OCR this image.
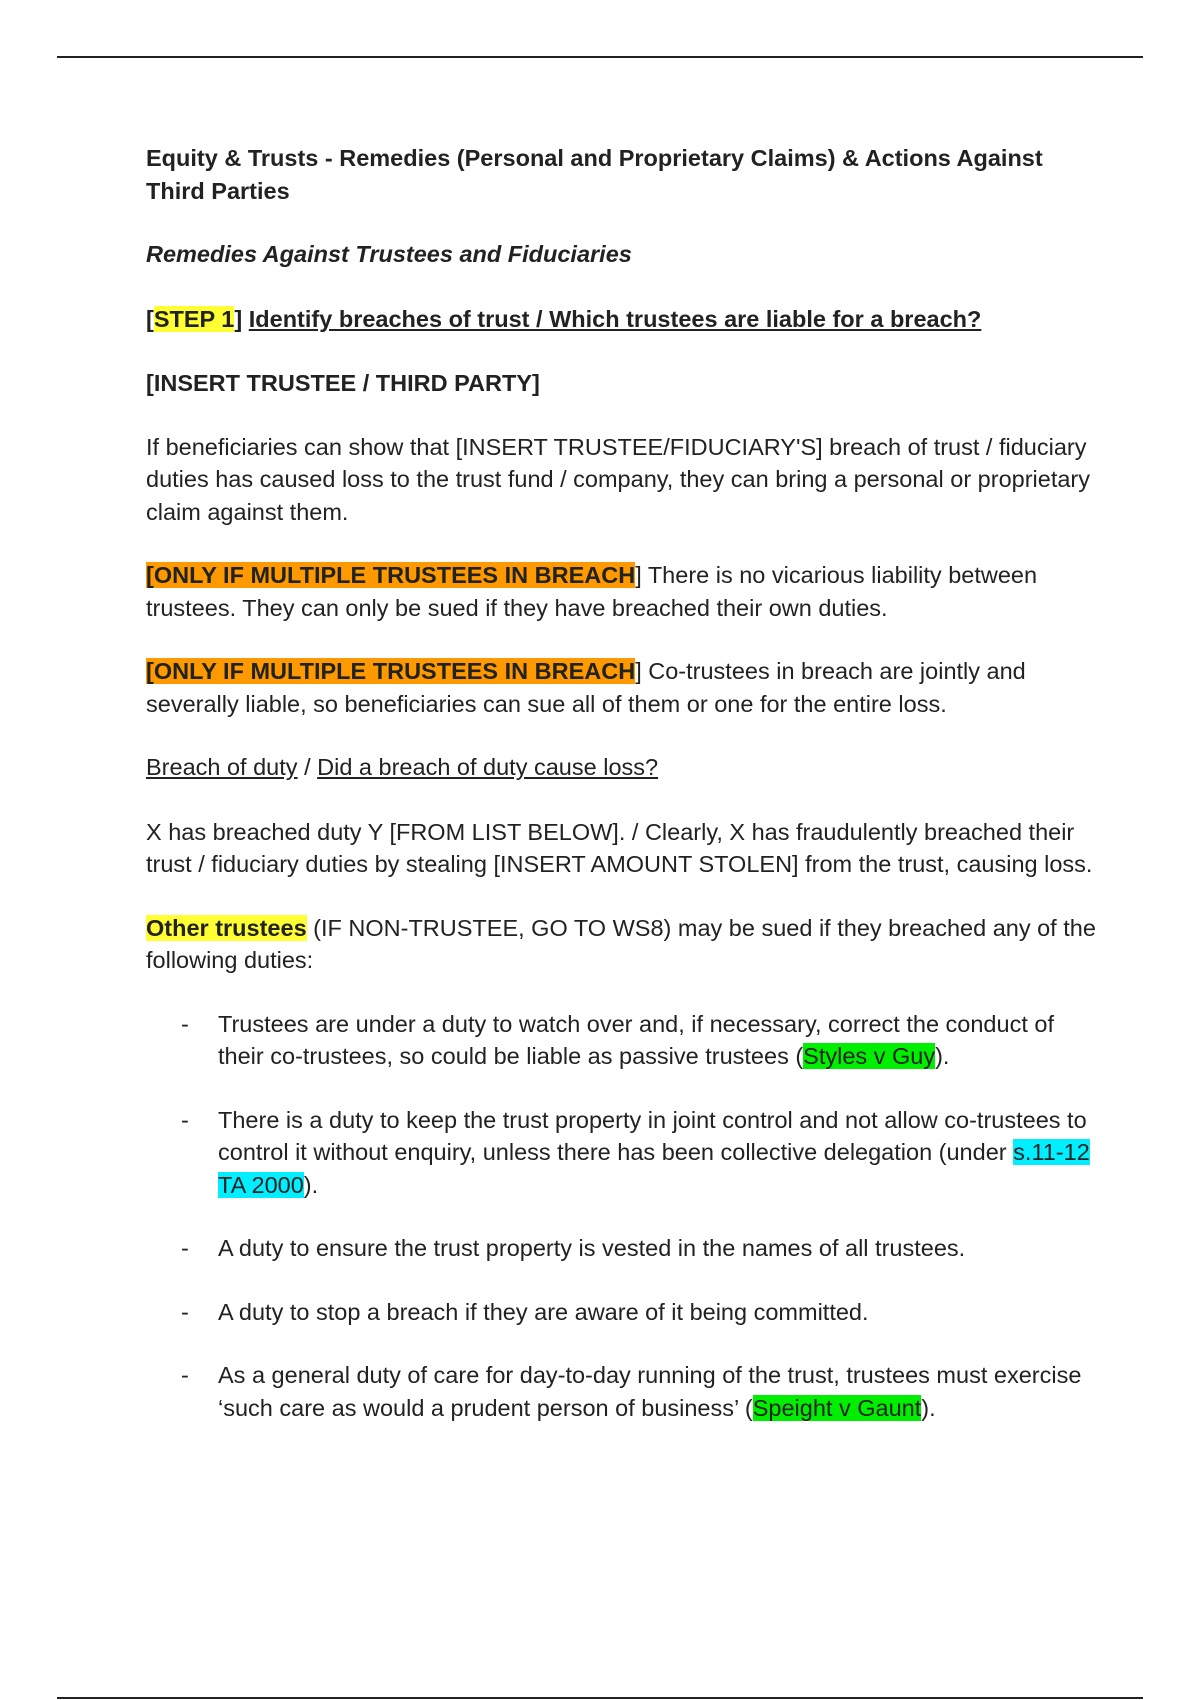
Equity & Trusts - Remedies (Personal and Proprietary Claims) & Actions Against Third Parties

Remedies Against Trustees and Fiduciaries

[STEP 1] Identify breaches of trust / Which trustees are liable for a breach?

[INSERT TRUSTEE / THIRD PARTY]

If beneficiaries can show that [INSERT TRUSTEE/FIDUCIARY'S] breach of trust / fiduciary duties has caused loss to the trust fund / company, they can bring a personal or proprietary claim against them.

[ONLY IF MULTIPLE TRUSTEES IN BREACH] There is no vicarious liability between trustees. They can only be sued if they have breached their own duties.

[ONLY IF MULTIPLE TRUSTEES IN BREACH] Co-trustees in breach are jointly and severally liable, so beneficiaries can sue all of them or one for the entire loss.

Breach of duty / Did a breach of duty cause loss?

X has breached duty Y [FROM LIST BELOW]. / Clearly, X has fraudulently breached their trust / fiduciary duties by stealing [INSERT AMOUNT STOLEN] from the trust, causing loss.

Other trustees (IF NON-TRUSTEE, GO TO WS8) may be sued if they breached any of the following duties:

- Trustees are under a duty to watch over and, if necessary, correct the conduct of their co-trustees, so could be liable as passive trustees (Styles v Guy).
- There is a duty to keep the trust property in joint control and not allow co-trustees to control it without enquiry, unless there has been collective delegation (under s.11-12 TA 2000).
- A duty to ensure the trust property is vested in the names of all trustees.
- A duty to stop a breach if they are aware of it being committed.
- As a general duty of care for day-to-day running of the trust, trustees must exercise ‘such care as would a prudent person of business’ (Speight v Gaunt).
